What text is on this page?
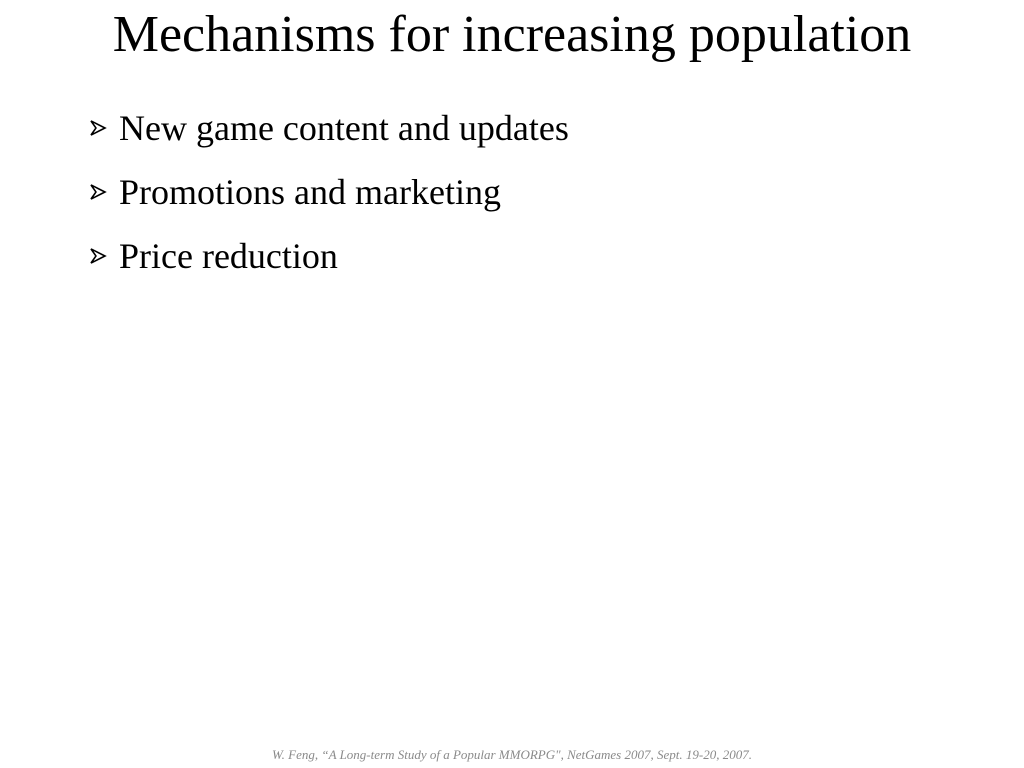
Mechanisms for increasing population
New game content and updates
Promotions and marketing
Price reduction
W. Feng, “A Long-term Study of a Popular MMORPG", NetGames 2007, Sept. 19-20, 2007.
